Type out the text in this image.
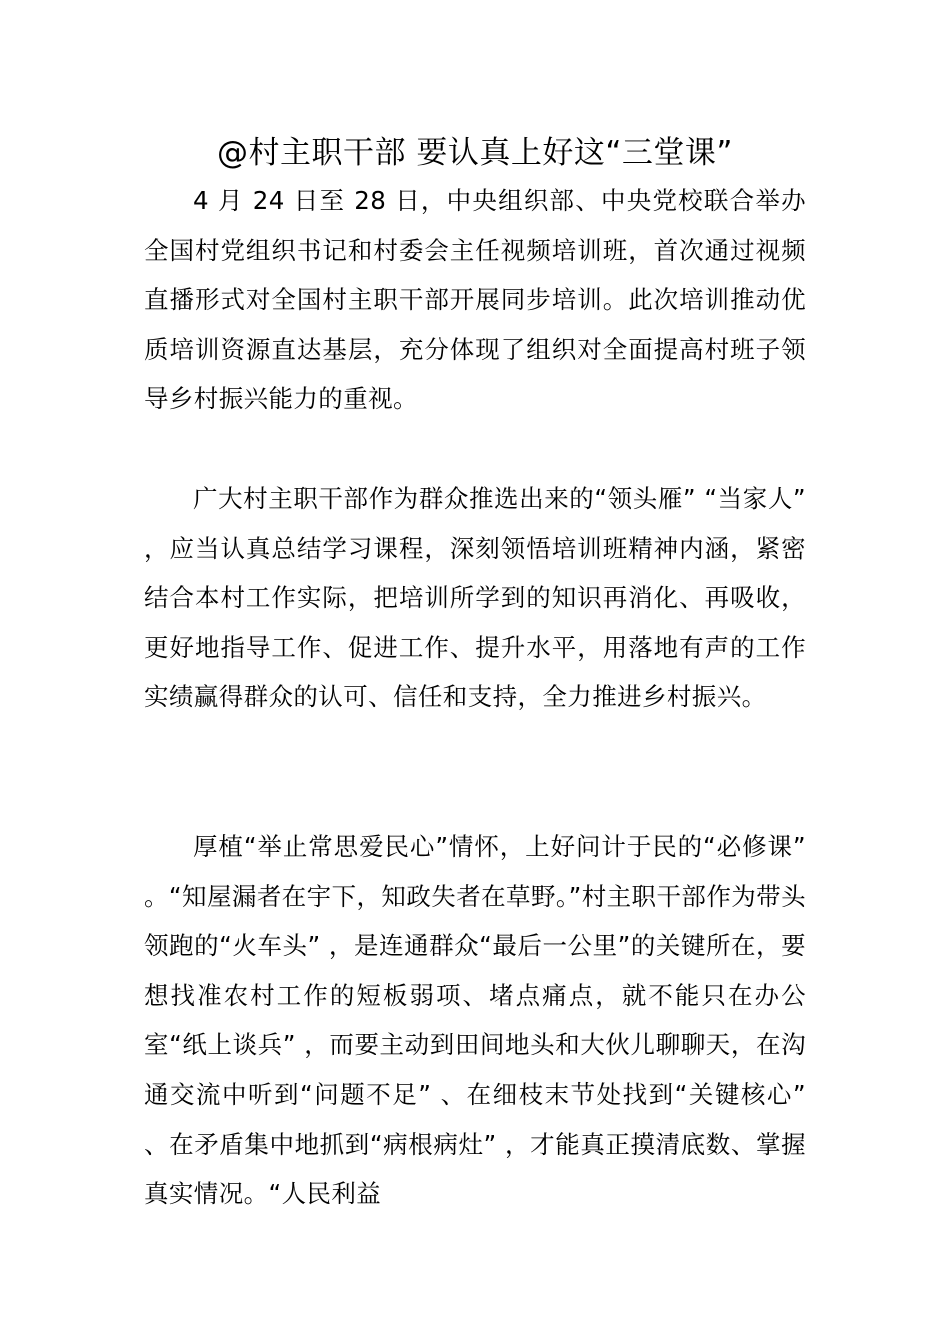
@村主职干部 要认真上好这“三堂课”

4 月 24 日至 28 日，中央组织部、中央党校联合举办全国村党组织书记和村委会主任视频培训班，首次通过视频直播形式对全国村主职干部开展同步培训。此次培训推动优质培训资源直达基层，充分体现了组织对全面提高村班子领导乡村振兴能力的重视。

广大村主职干部作为群众推选出来的“领头雁” “当家人” ，应当认真总结学习课程，深刻领悟培训班精神内涵，紧密结合本村工作实际，把培训所学到的知识再消化、再吸收，更好地指导工作、促进工作、提升水平，用落地有声的工作实绩赢得群众的认可、信任和支持，全力推进乡村振兴。

厚植“举止常思爱民心”情怀，上好问计于民的“必修课” 。“知屋漏者在宇下，知政失者在草野。”村主职干部作为带头领跑的“火车头” ，是连通群众“最后一公里”的关键所在，要想找准农村工作的短板弱项、堵点痛点，就不能只在办公室“纸上谈兵” ，而要主动到田间地头和大伙儿聊聊天，在沟通交流中听到“问题不足” 、在细枝末节处找到“关键核心” 、在矛盾集中地抓到“病根病灶” ，才能真正摸清底数、掌握真实情况。“人民利益
